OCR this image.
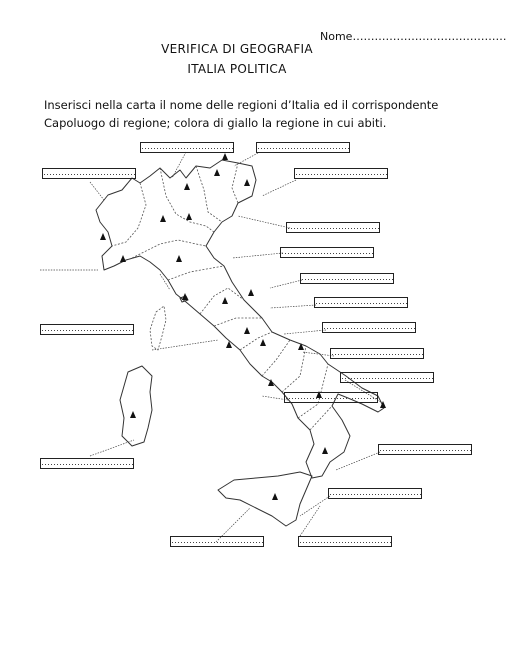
Nome……………………………………
VERIFICA DI GEOGRAFIA
ITALIA POLITICA
Inserisci nella carta il nome delle regioni d’Italia ed il corrispondente
Capoluogo di regione; colora di giallo la regione in cui abiti.
